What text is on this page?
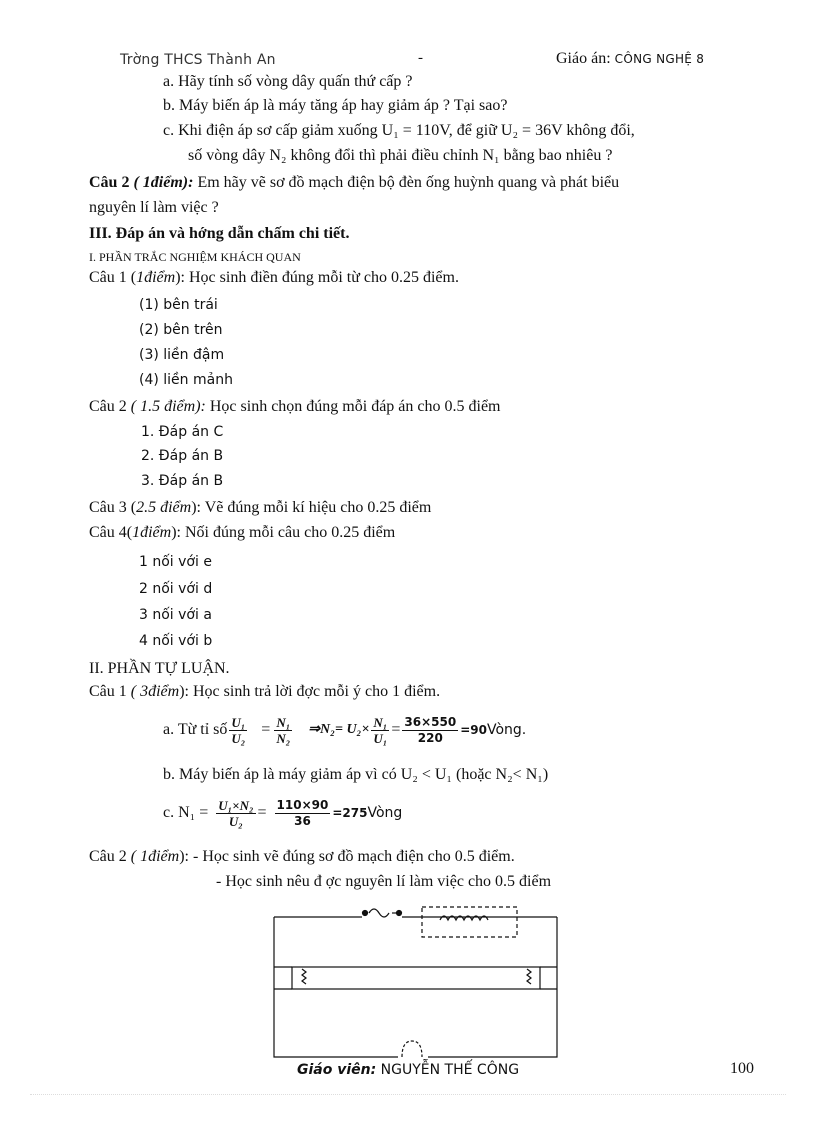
Trờng THCS Thành An	-	Giáo án: CÔNG NGHỆ 8
a. Hãy tính số vòng dây quấn thứ cấp ?
b. Máy biến áp là máy tăng áp hay giảm áp ? Tại sao?
c. Khi điện áp sơ cấp giảm xuống U₁ = 110V, để giữ U₂ = 36V không đổi,
số vòng dây N₂ không đổi thì phải điều chỉnh N₁ bằng bao nhiêu ?
Câu 2 ( 1điểm): Em hãy vẽ sơ đồ mạch điện bộ đèn ống huỳnh quang và phát biểu
nguyên lí làm việc ?
III. Đáp án và hớng dẫn chấm chi tiết.
I. PHẦN TRẮC NGHIỆM KHÁCH QUAN
Câu 1 (1điểm): Học sinh điền đúng mỗi từ cho 0.25 điểm.
(1) bên trái
(2) bên trên
(3) liền đậm
(4) liền mảnh
Câu 2 ( 1.5 điểm): Học sinh chọn đúng mỗi đáp án cho 0.5 điểm
1. Đáp án C
2. Đáp án B
3. Đáp án B
Câu 3 (2.5 điểm): Vẽ đúng mỗi kí hiệu cho 0.25 điểm
Câu 4(1điểm): Nối đúng mỗi câu cho 0.25 điểm
1 nối với e
2 nối với d
3 nối với a
4 nối với b
II. PHẦN TỰ LUẬN.
Câu 1 ( 3điểm): Học sinh trả lời đợc mỗi ý cho 1 điểm.
a. Từ tỉ số $\frac{\text{U₁}}{\text{U₂}} = \frac{\text{N₁}}{\text{N₂}}$ ⇒N₂= $U_2\times \frac{\text{N₁}}{\text{U₁}} = \frac{36\times 550}{220} =90$ Vòng.
b. Máy biến áp là máy giảm áp vì có U₂ < U₁ (hoặc N₂< N₁)
c. $N_1 = \frac{\text{U₁×N₂}}{\text{U₂}} = \frac{110\times 90}{36} =275$ Vòng
Câu 2 ( 1điểm): - Học sinh vẽ đúng sơ đồ mạch điện cho 0.5 điểm.
- Học sinh nêu đ ợc nguyên lí làm việc cho 0.5 điểm
Giáo viên: NGUYỄN THẾ CÔNG	100
